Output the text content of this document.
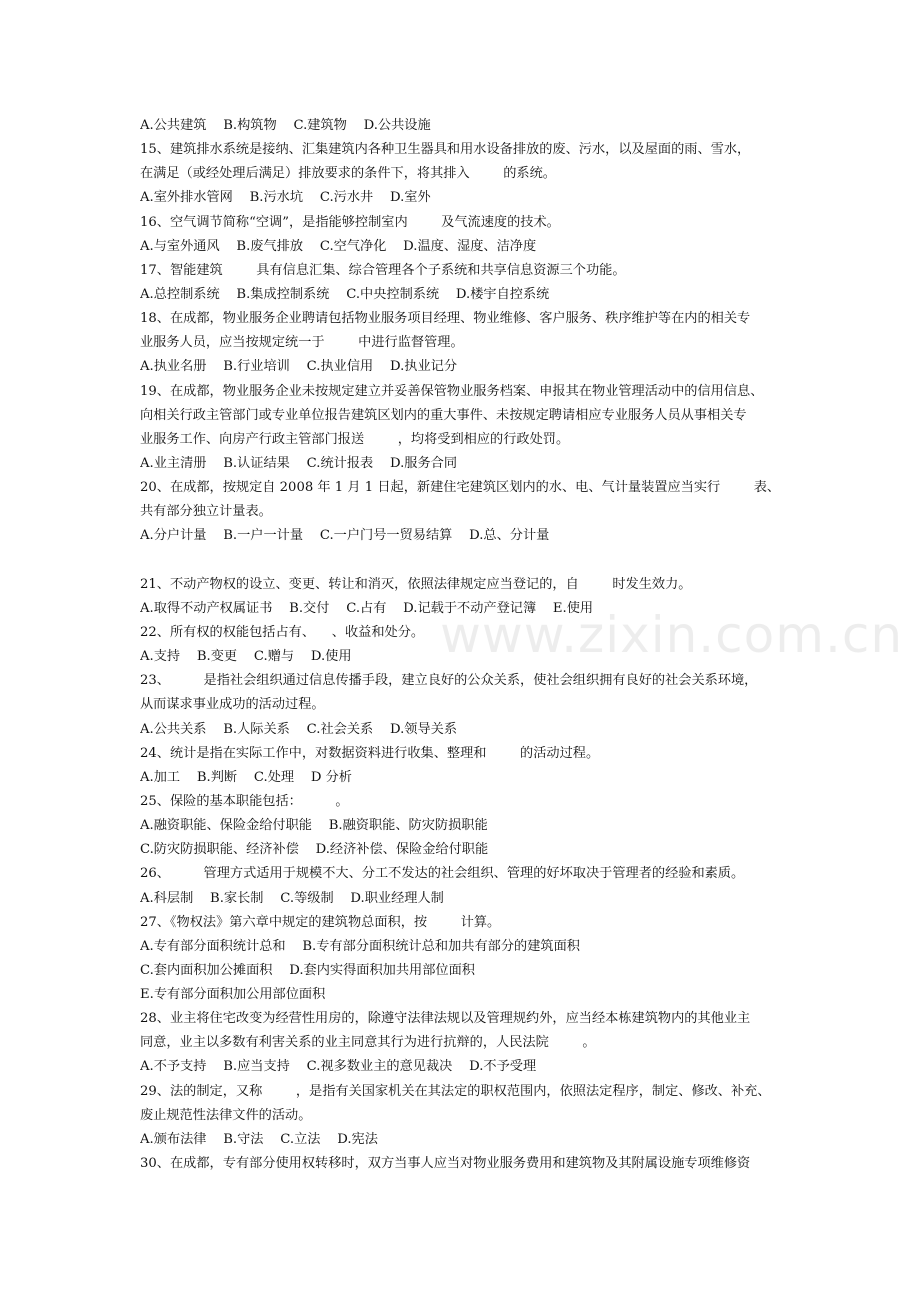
A.公共建筑    B.构筑物    C.建筑物    D.公共设施
15、建筑排水系统是接纳、汇集建筑内各种卫生器具和用水设备排放的废、污水，以及屋面的雨、雪水，
在满足（或经处理后满足）排放要求的条件下，将其排入        的系统。
A.室外排水管网    B.污水坑    C.污水井    D.室外
16、空气调节简称“空调”，是指能够控制室内        及气流速度的技术。
A.与室外通风    B.废气排放    C.空气净化    D.温度、湿度、洁净度
17、智能建筑        具有信息汇集、综合管理各个子系统和共享信息资源三个功能。
A.总控制系统    B.集成控制系统    C.中央控制系统    D.楼宇自控系统
18、在成都，物业服务企业聘请包括物业服务项目经理、物业维修、客户服务、秩序维护等在内的相关专
业服务人员，应当按规定统一于        中进行监督管理。
A.执业名册    B.行业培训    C.执业信用    D.执业记分
19、在成都，物业服务企业未按规定建立并妥善保管物业服务档案、申报其在物业管理活动中的信用信息、
向相关行政主管部门或专业单位报告建筑区划内的重大事件、未按规定聘请相应专业服务人员从事相关专
业服务工作、向房产行政主管部门报送        ，均将受到相应的行政处罚。
A.业主清册    B.认证结果    C.统计报表    D.服务合同
20、在成都，按规定自 2008 年 1 月 1 日起，新建住宅建筑区划内的水、电、气计量装置应当实行        表、
共有部分独立计量表。
A.分户计量    B.一户一计量    C.一户门号一贸易结算    D.总、分计量
21、不动产物权的设立、变更、转让和消灭，依照法律规定应当登记的，自        时发生效力。
A.取得不动产权属证书    B.交付    C.占有    D.记载于不动产登记簿    E.使用
22、所有权的权能包括占有、    、收益和处分。
A.支持    B.变更    C.赠与    D.使用
23、        是指社会组织通过信息传播手段，建立良好的公众关系，使社会组织拥有良好的社会关系环境，
从而谋求事业成功的活动过程。
A.公共关系    B.人际关系    C.社会关系    D.领导关系
24、统计是指在实际工作中，对数据资料进行收集、整理和        的活动过程。
A.加工    B.判断    C.处理    D 分析
25、保险的基本职能包括：        。
A.融资职能、保险金给付职能    B.融资职能、防灾防损职能
C.防灾防损职能、经济补偿    D.经济补偿、保险金给付职能
26、        管理方式适用于规模不大、分工不发达的社会组织、管理的好坏取决于管理者的经验和素质。
A.科层制    B.家长制    C.等级制    D.职业经理人制
27、《物权法》第六章中规定的建筑物总面积，按        计算。
A.专有部分面积统计总和    B.专有部分面积统计总和加共有部分的建筑面积
C.套内面积加公摊面积    D.套内实得面积加共用部位面积
E.专有部分面积加公用部位面积
28、业主将住宅改变为经营性用房的，除遵守法律法规以及管理规约外，应当经本栋建筑物内的其他业主
同意，业主以多数有利害关系的业主同意其行为进行抗辩的，人民法院        。
A.不予支持    B.应当支持    C.视多数业主的意见裁决    D.不予受理
29、法的制定，又称        ，是指有关国家机关在其法定的职权范围内，依照法定程序，制定、修改、补充、
废止规范性法律文件的活动。
A.颁布法律    B.守法    C.立法    D.宪法
30、在成都，专有部分使用权转移时，双方当事人应当对物业服务费用和建筑物及其附属设施专项维修资
www.zixin.com.cn
